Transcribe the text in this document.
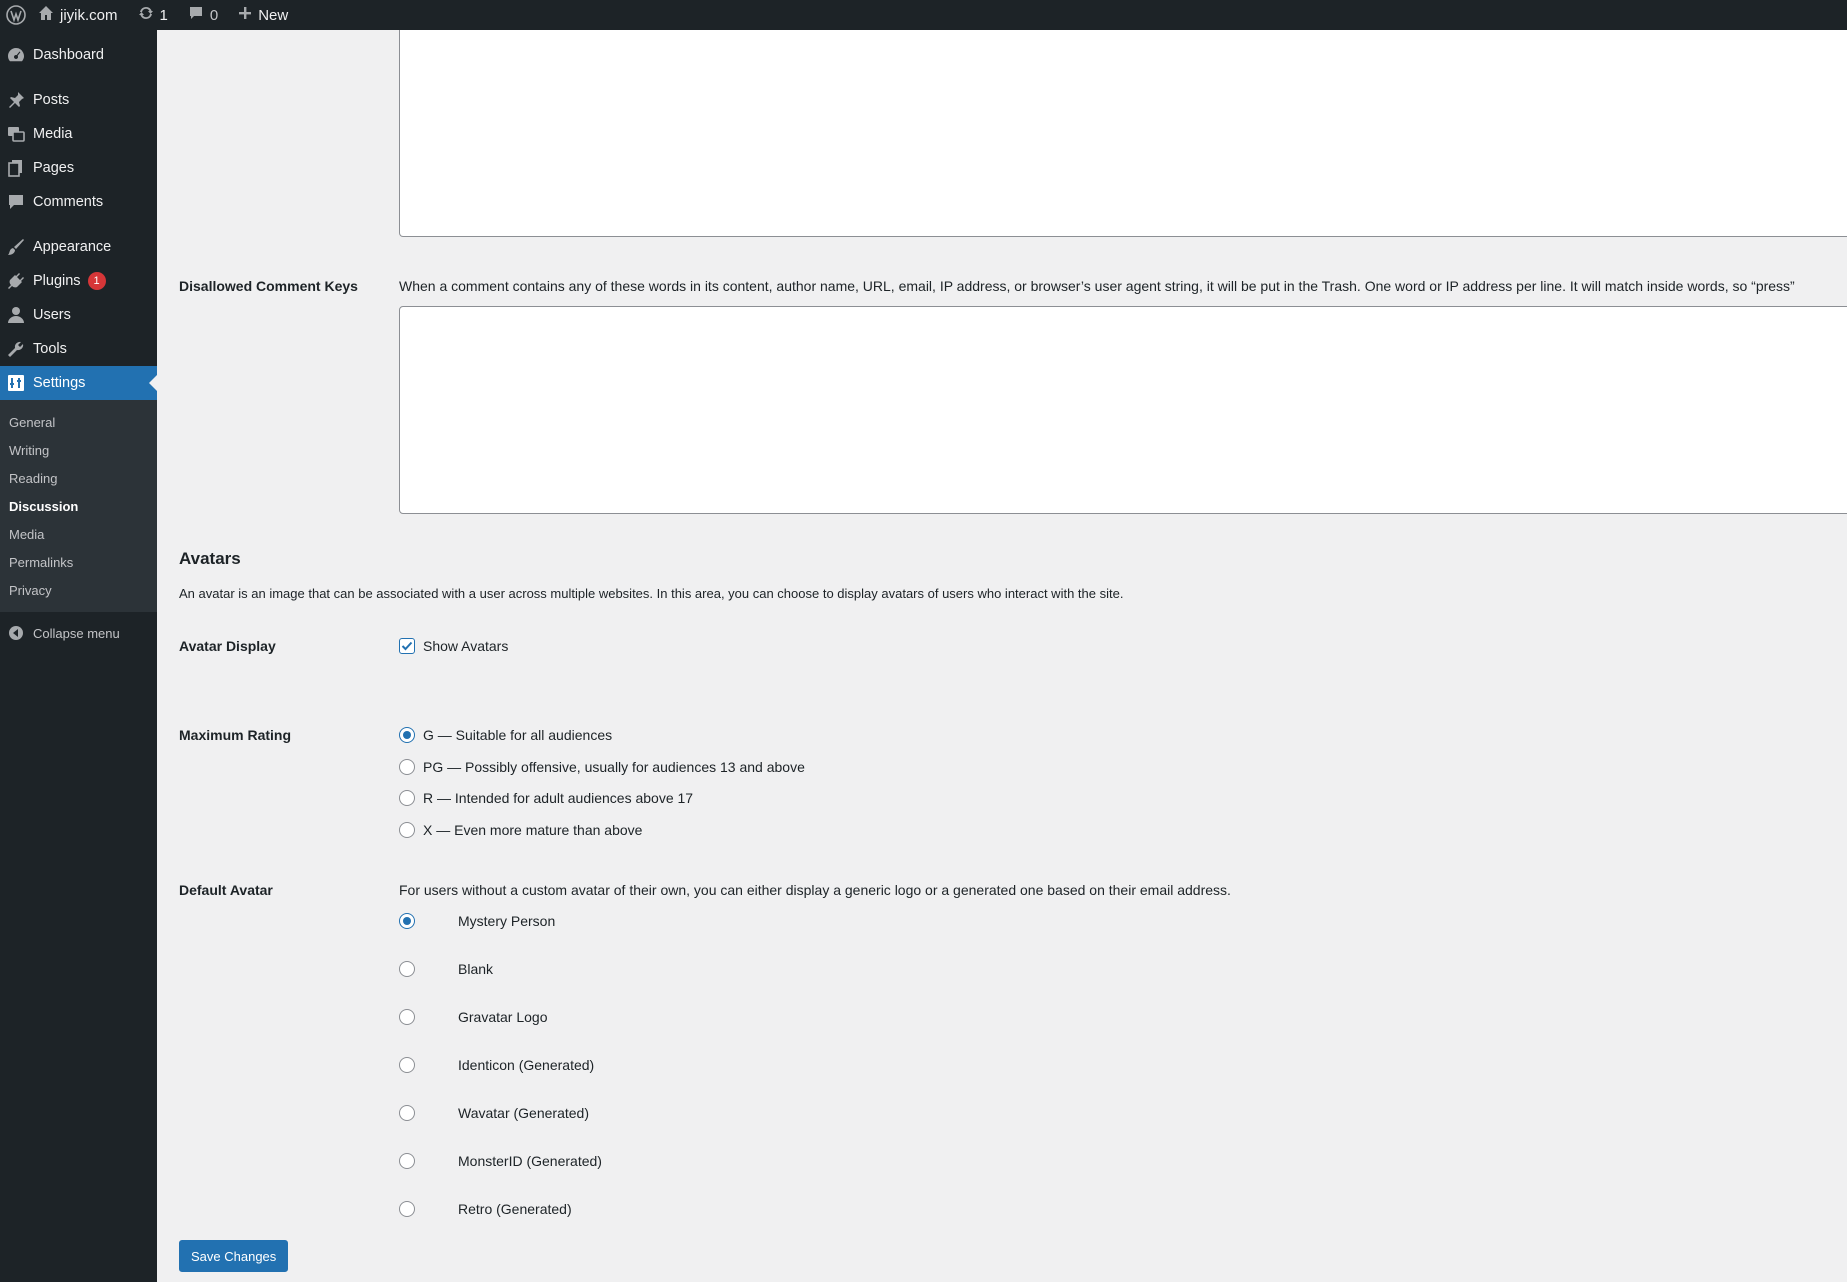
jiyik.com	1	0	New
Dashboard
Posts
Media
Pages
Comments
Appearance
Plugins	1
Users
Tools
Settings
General
Writing
Reading
Discussion
Media
Permalinks
Privacy
Collapse menu
Disallowed Comment Keys	When a comment contains any of these words in its content, author name, URL, email, IP address, or browser’s user agent string, it will be put in the Trash. One word or IP address per line. It will match inside words, so “press”
Avatars
An avatar is an image that can be associated with a user across multiple websites. In this area, you can choose to display avatars of users who interact with the site.
Avatar Display	Show Avatars
Maximum Rating	G — Suitable for all audiences
PG — Possibly offensive, usually for audiences 13 and above
R — Intended for adult audiences above 17
X — Even more mature than above
Default Avatar	For users without a custom avatar of their own, you can either display a generic logo or a generated one based on their email address.
Mystery Person
Blank
Gravatar Logo
Identicon (Generated)
Wavatar (Generated)
MonsterID (Generated)
Retro (Generated)
Save Changes
